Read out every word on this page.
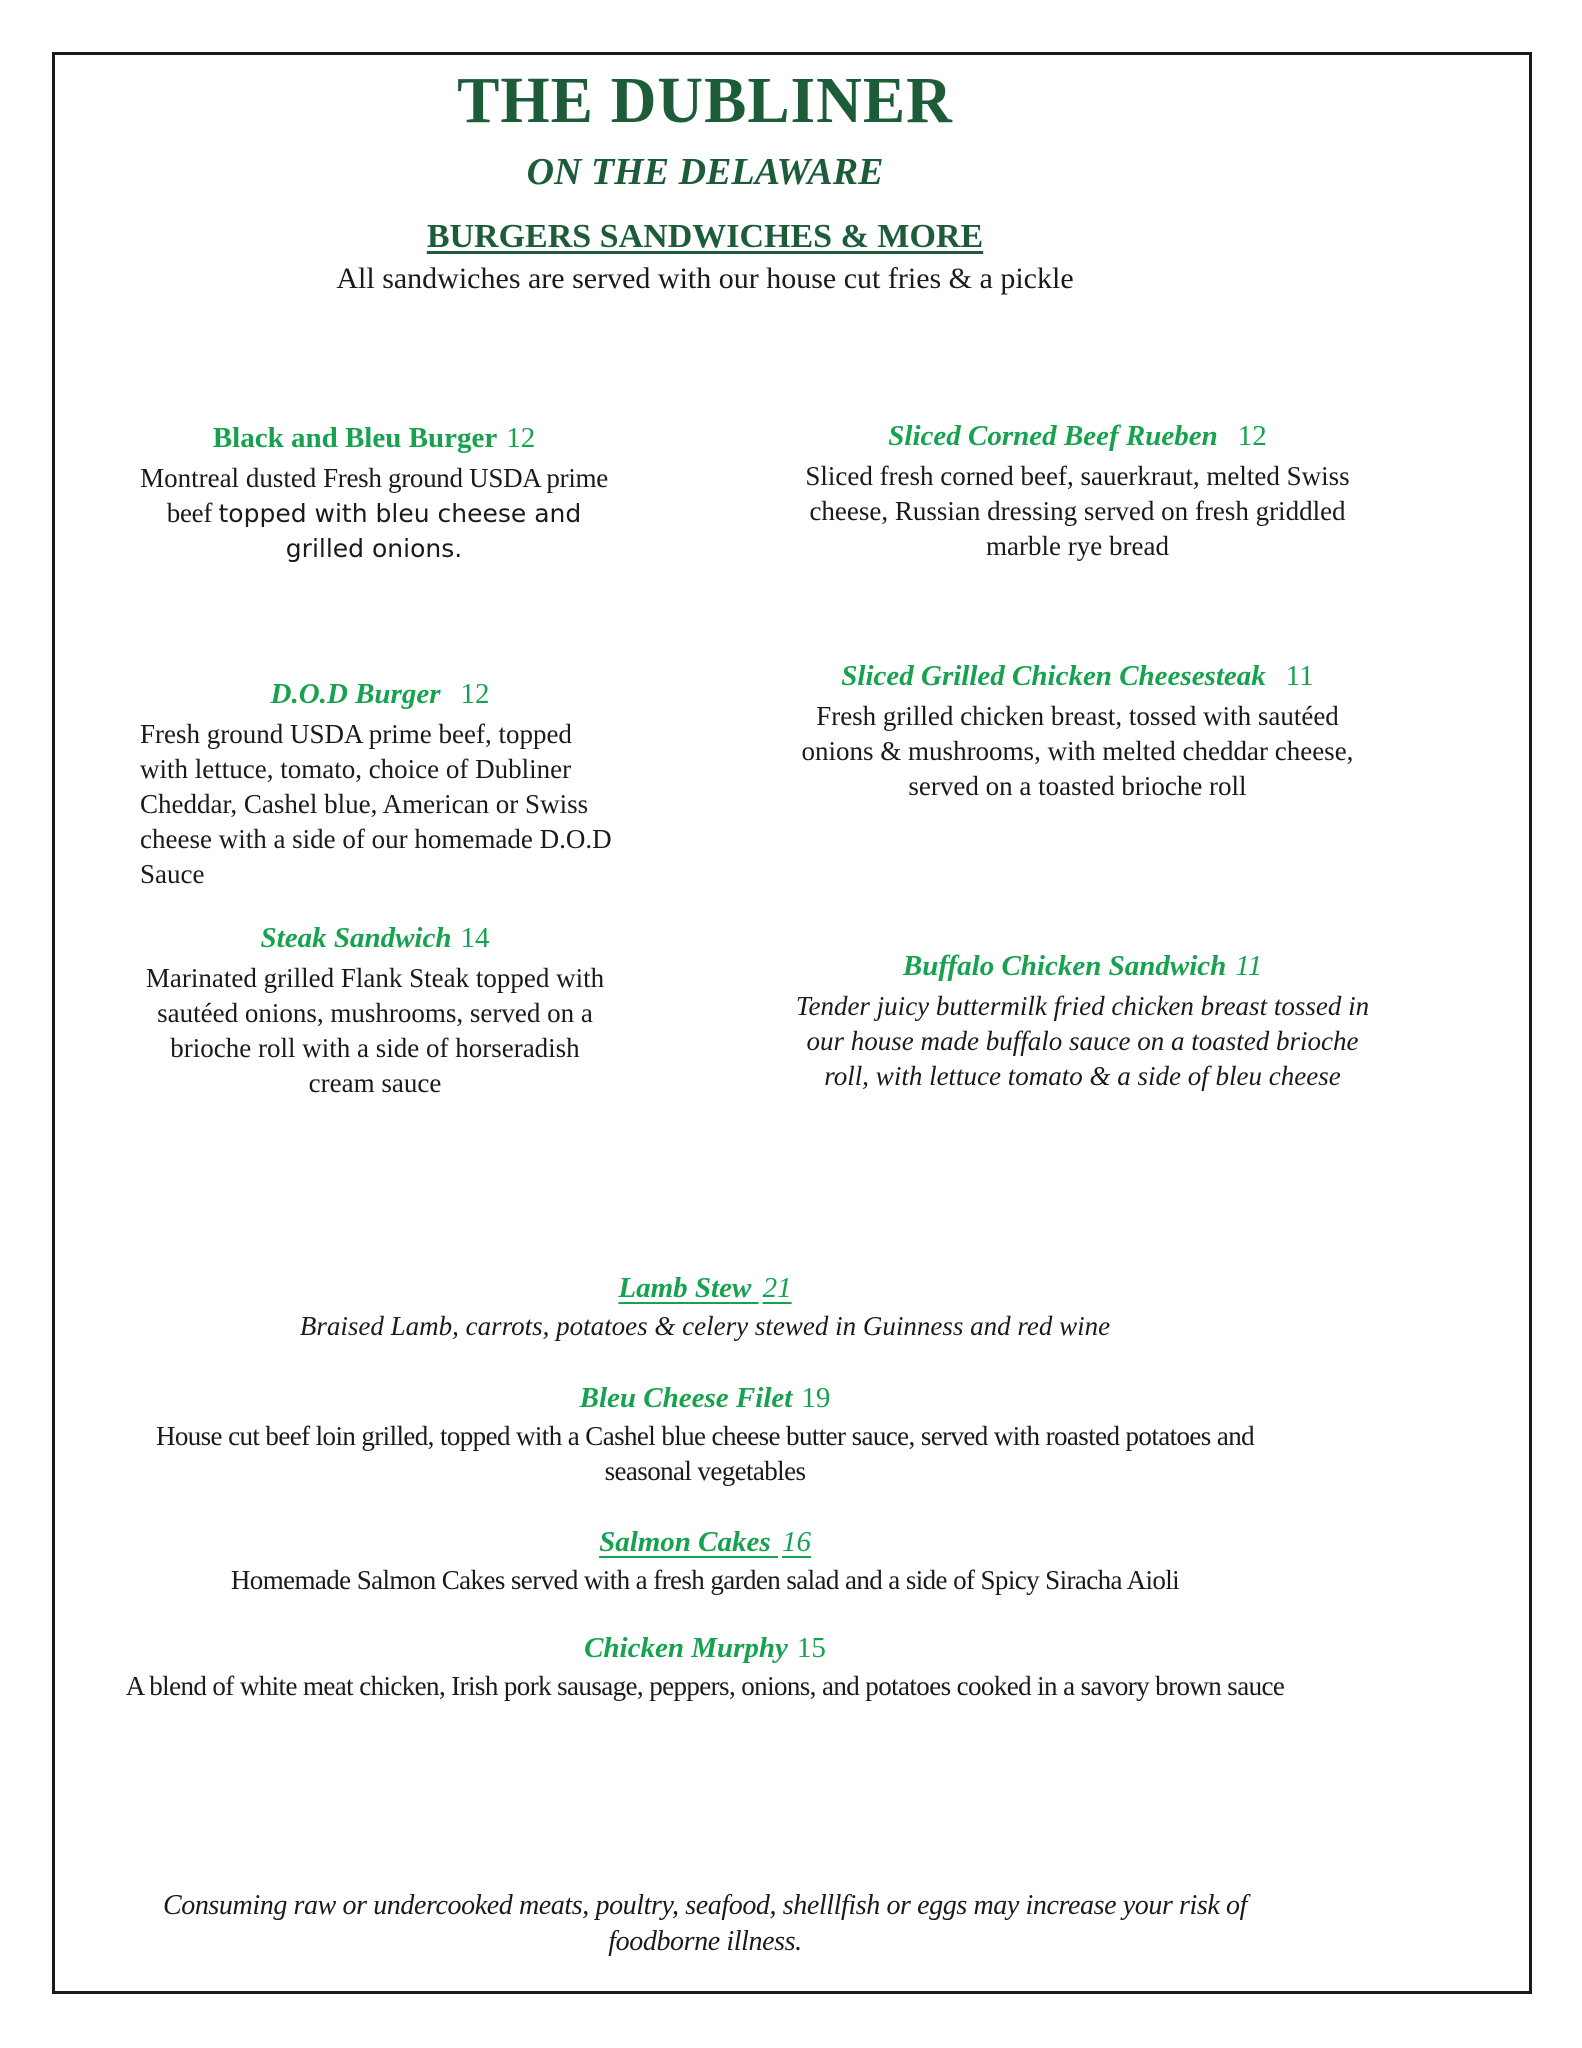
THE DUBLINER
ON THE DELAWARE
BURGERS SANDWICHES & MORE
All sandwiches are served with our house cut fries & a pickle
Black and Bleu Burger 12

Montreal dusted Fresh ground USDA prime beef topped with bleu cheese and grilled onions.

Sliced Corned Beef Rueben 12

Sliced fresh corned beef, sauerkraut, melted Swiss cheese, Russian dressing served on fresh griddled marble rye bread

D.O.D Burger 12

Fresh ground USDA prime beef, topped with lettuce, tomato, choice of Dubliner Cheddar, Cashel blue, American or Swiss cheese with a side of our homemade D.O.D Sauce

Sliced Grilled Chicken Cheesesteak 11

Fresh grilled chicken breast, tossed with sautéed onions & mushrooms, with melted cheddar cheese, served on a toasted brioche roll

Steak Sandwich 14

Marinated grilled Flank Steak topped with sautéed onions, mushrooms, served on a brioche roll with a side of horseradish cream sauce

Buffalo Chicken Sandwich 11

Tender juicy buttermilk fried chicken breast tossed in our house made buffalo sauce on a toasted brioche roll, with lettuce tomato & a side of bleu cheese

Lamb Stew 21

Braised Lamb, carrots, potatoes & celery stewed in Guinness and red wine

Bleu Cheese Filet 19

House cut beef loin grilled, topped with a Cashel blue cheese butter sauce, served with roasted potatoes and seasonal vegetables

Salmon Cakes 16

Homemade Salmon Cakes served with a fresh garden salad and a side of Spicy Siracha Aioli

Chicken Murphy 15

A blend of white meat chicken, Irish pork sausage, peppers, onions, and potatoes cooked in a savory brown sauce

Consuming raw or undercooked meats, poultry, seafood, shelllfish or eggs may increase your risk of foodborne illness.
